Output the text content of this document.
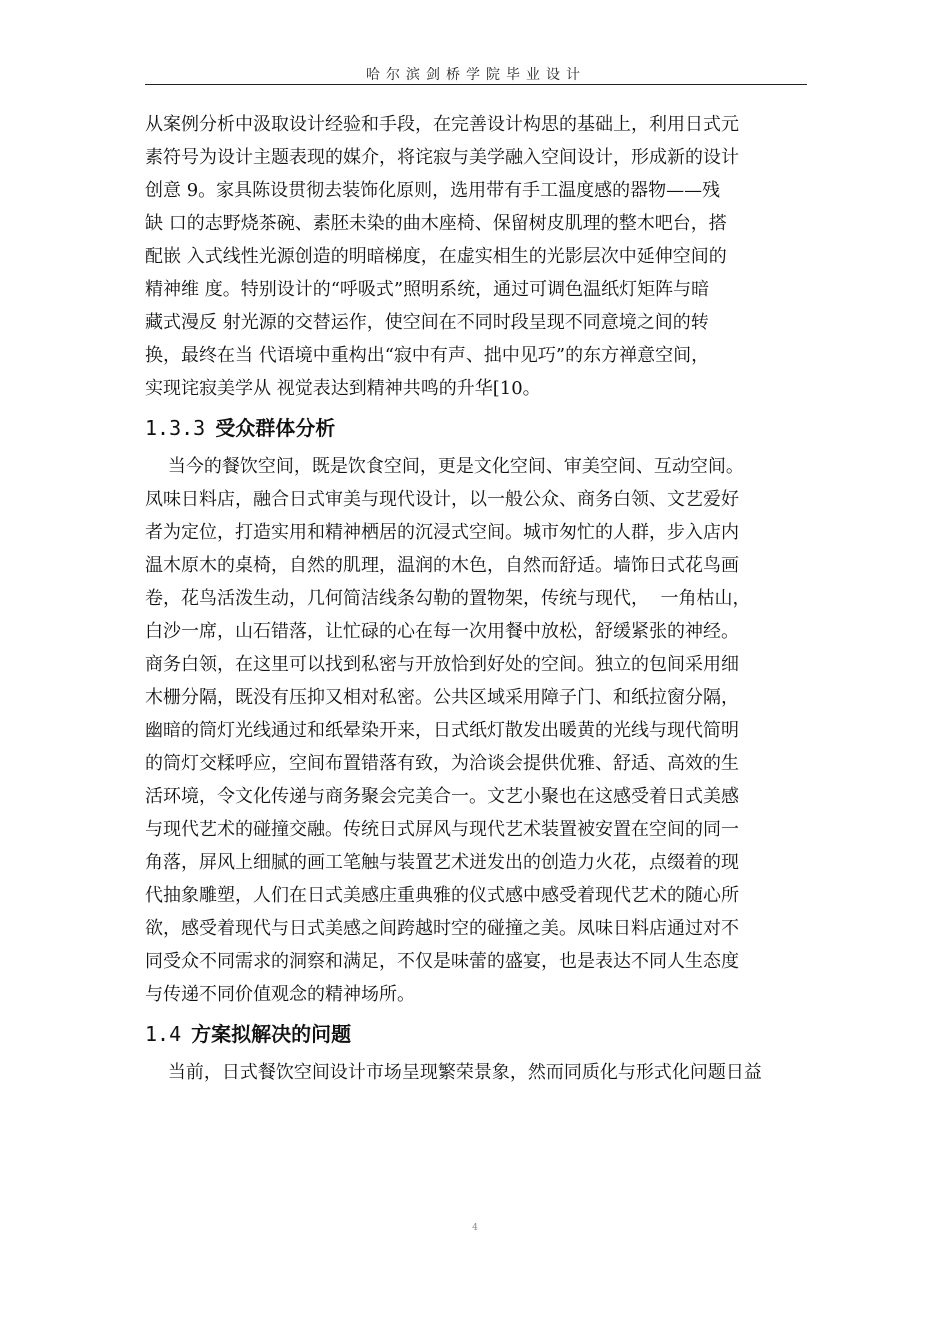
哈尔滨剑桥学院毕业设计
从案例分析中汲取设计经验和手段，在完善设计构思的基础上，利用日式元
素符号为设计主题表现的媒介，将诧寂与美学融入空间设计，形成新的设计
创意 9。家具陈设贯彻去装饰化原则，选用带有手工温度感的器物——残
缺 口的志野烧茶碗、素胚未染的曲木座椅、保留树皮肌理的整木吧台，搭
配嵌 入式线性光源创造的明暗梯度，在虚实相生的光影层次中延伸空间的
精神维 度。特别设计的“呼吸式”照明系统，通过可调色温纸灯矩阵与暗
藏式漫反 射光源的交替运作，使空间在不同时段呈现不同意境之间的转
换，最终在当 代语境中重构出“寂中有声、拙中见巧”的东方禅意空间，
实现诧寂美学从 视觉表达到精神共鸣的升华[10。
1.3.3 受众群体分析
当今的餐饮空间，既是饮食空间，更是文化空间、审美空间、互动空间。
凤味日料店，融合日式审美与现代设计，以一般公众、商务白领、文艺爱好
者为定位，打造实用和精神栖居的沉浸式空间。城市匆忙的人群，步入店内
温木原木的桌椅，自然的肌理，温润的木色，自然而舒适。墙饰日式花鸟画
卷，花鸟活泼生动，几何简洁线条勾勒的置物架，传统与现代，  一角枯山，
白沙一席，山石错落，让忙碌的心在每一次用餐中放松，舒缓紧张的神经。
商务白领，在这里可以找到私密与开放恰到好处的空间。独立的包间采用细
木栅分隔，既没有压抑又相对私密。公共区域采用障子门、和纸拉窗分隔，
幽暗的筒灯光线通过和纸晕染开来，日式纸灯散发出暖黄的光线与现代简明
的筒灯交糅呼应，空间布置错落有致，为洽谈会提供优雅、舒适、高效的生
活环境，令文化传递与商务聚会完美合一。文艺小聚也在这感受着日式美感
与现代艺术的碰撞交融。传统日式屏风与现代艺术装置被安置在空间的同一
角落，屏风上细腻的画工笔触与装置艺术迸发出的创造力火花，点缀着的现
代抽象雕塑，人们在日式美感庄重典雅的仪式感中感受着现代艺术的随心所
欲，感受着现代与日式美感之间跨越时空的碰撞之美。凤味日料店通过对不
同受众不同需求的洞察和满足，不仅是味蕾的盛宴，也是表达不同人生态度
与传递不同价值观念的精神场所。
1.4 方案拟解决的问题
当前，日式餐饮空间设计市场呈现繁荣景象，然而同质化与形式化问题日益
4
